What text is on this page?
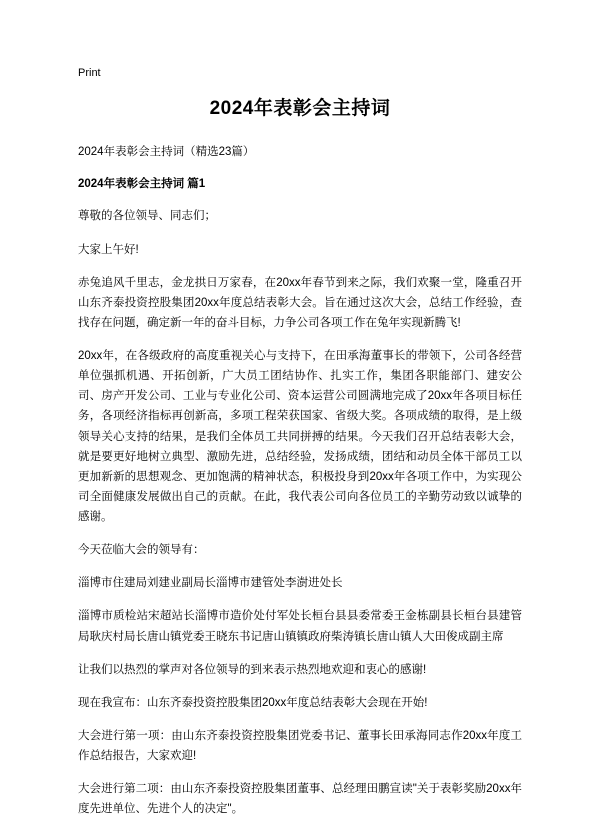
Print
2024年表彰会主持词

2024年表彰会主持词（精选23篇）

2024年表彰会主持词 篇1

尊敬的各位领导、同志们；

大家上午好!

赤兔追风千里志，金龙拱日万家春，在20xx年春节到来之际，我们欢聚一堂，隆重召开山东齐泰投资控股集团20xx年度总结表彰大会。旨在通过这次大会，总结工作经验，查找存在问题，确定新一年的奋斗目标，力争公司各项工作在兔年实现新腾飞!

20xx年，在各级政府的高度重视关心与支持下，在田承海董事长的带领下，公司各经营单位强抓机遇、开拓创新，广大员工团结协作、扎实工作，集团各职能部门、建安公司、房产开发公司、工业与专业化公司、资本运营公司圆满地完成了20xx年各项目标任务，各项经济指标再创新高，多项工程荣获国家、省级大奖。各项成绩的取得，是上级领导关心支持的结果，是我们全体员工共同拼搏的结果。今天我们召开总结表彰大会，就是要更好地树立典型、激励先进，总结经验，发扬成绩，团结和动员全体干部员工以更加新新的思想观念、更加饱满的精神状态，积极投身到20xx年各项工作中，为实现公司全面健康发展做出自己的贡献。在此，我代表公司向各位员工的辛勤劳动致以诚挚的感谢。

今天莅临大会的领导有：

淄博市住建局刘建业副局长淄博市建管处李澍进处长

淄博市质检站宋超站长淄博市造价处付军处长桓台县县委常委王金栋副县长桓台县建管局耿庆村局长唐山镇党委王晓东书记唐山镇镇政府柴涛镇长唐山镇人大田俊成副主席

让我们以热烈的掌声对各位领导的到来表示热烈地欢迎和衷心的感谢!

现在我宣布：山东齐泰投资控股集团20xx年度总结表彰大会现在开始!

大会进行第一项：由山东齐泰投资控股集团党委书记、董事长田承海同志作20xx年度工作总结报告，大家欢迎!

大会进行第二项：由山东齐泰投资控股集团董事、总经理田鹏宣读"关于表彰奖励20xx年度先进单位、先进个人的决定"。
